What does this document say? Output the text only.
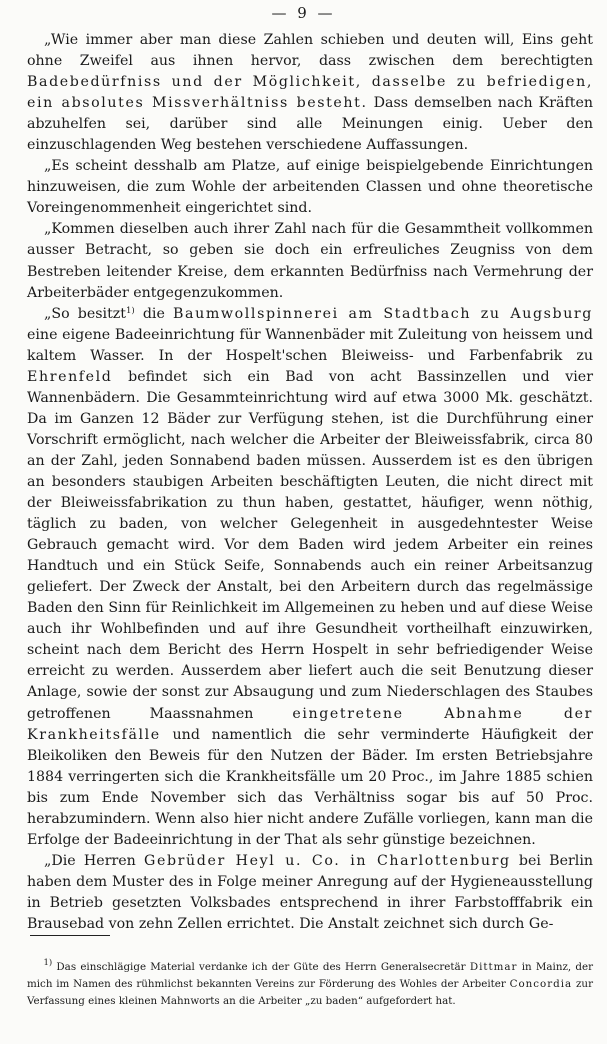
— 9 —

„Wie immer aber man diese Zahlen schieben und deuten will, Eins geht ohne Zweifel aus ihnen hervor, dass zwischen dem berechtigten Badebedürfniss und der Möglichkeit, dasselbe zu befriedigen, ein absolutes Missverhältniss besteht. Dass demselben nach Kräften abzuhelfen sei, darüber sind alle Meinungen einig. Ueber den einzuschlagenden Weg bestehen verschiedene Auffassungen.

„Es scheint desshalb am Platze, auf einige beispielgebende Einrichtungen hinzuweisen, die zum Wohle der arbeitenden Classen und ohne theoretische Voreingenommenheit eingerichtet sind.

„Kommen dieselben auch ihrer Zahl nach für die Gesammtheit vollkommen ausser Betracht, so geben sie doch ein erfreuliches Zeugniss von dem Bestreben leitender Kreise, dem erkannten Bedürfniss nach Vermehrung der Arbeiterbäder entgegenzukommen.

„So besitzt$^{1)}$ die Baumwollspinnerei am Stadtbach zu Augsburg eine eigene Badeeinrichtung für Wannenbäder mit Zuleitung von heissem und kaltem Wasser. In der Hospelt'schen Bleiweiss- und Farbenfabrik zu Ehrenfeld befindet sich ein Bad von acht Bassinzellen und vier Wannenbädern. Die Gesammteinrichtung wird auf etwa 3000 Mk. geschätzt. Da im Ganzen 12 Bäder zur Verfügung stehen, ist die Durchführung einer Vorschrift ermöglicht, nach welcher die Arbeiter der Bleiweissfabrik, circa 80 an der Zahl, jeden Sonnabend baden müssen. Ausserdem ist es den übrigen an besonders staubigen Arbeiten beschäftigten Leuten, die nicht direct mit der Bleiweissfabrikation zu thun haben, gestattet, häufiger, wenn nöthig, täglich zu baden, von welcher Gelegenheit in ausgedehntester Weise Gebrauch gemacht wird. Vor dem Baden wird jedem Arbeiter ein reines Handtuch und ein Stück Seife, Sonnabends auch ein reiner Arbeitsanzug geliefert. Der Zweck der Anstalt, bei den Arbeitern durch das regelmässige Baden den Sinn für Reinlichkeit im Allgemeinen zu heben und auf diese Weise auch ihr Wohlbefinden und auf ihre Gesundheit vortheilhaft einzuwirken, scheint nach dem Bericht des Herrn Hospelt in sehr befriedigender Weise erreicht zu werden. Ausserdem aber liefert auch die seit Benutzung dieser Anlage, sowie der sonst zur Absaugung und zum Niederschlagen des Staubes getroffenen Maassnahmen eingetretene Abnahme der Krankheitsfälle und namentlich die sehr verminderte Häufigkeit der Bleikoliken den Beweis für den Nutzen der Bäder. Im ersten Betriebsjahre 1884 verringerten sich die Krankheitsfälle um 20 Proc., im Jahre 1885 schien bis zum Ende November sich das Verhältniss sogar bis auf 50 Proc. herabzumindern. Wenn also hier nicht andere Zufälle vorliegen, kann man die Erfolge der Badeeinrichtung in der That als sehr günstige bezeichnen.

„Die Herren Gebrüder Heyl u. Co. in Charlottenburg bei Berlin haben dem Muster des in Folge meiner Anregung auf der Hygieneausstellung in Betrieb gesetzten Volksbades entsprechend in ihrer Farbstofffabrik ein Brausebad von zehn Zellen errichtet. Die Anstalt zeichnet sich durch Ge-

$^{1)}$ Das einschlägige Material verdanke ich der Güte des Herrn Generalsecretär Dittmar in Mainz, der mich im Namen des rühmlichst bekannten Vereins zur Förderung des Wohles der Arbeiter Concordia zur Verfassung eines kleinen Mahnworts an die Arbeiter „zu baden“ aufgefordert hat.
